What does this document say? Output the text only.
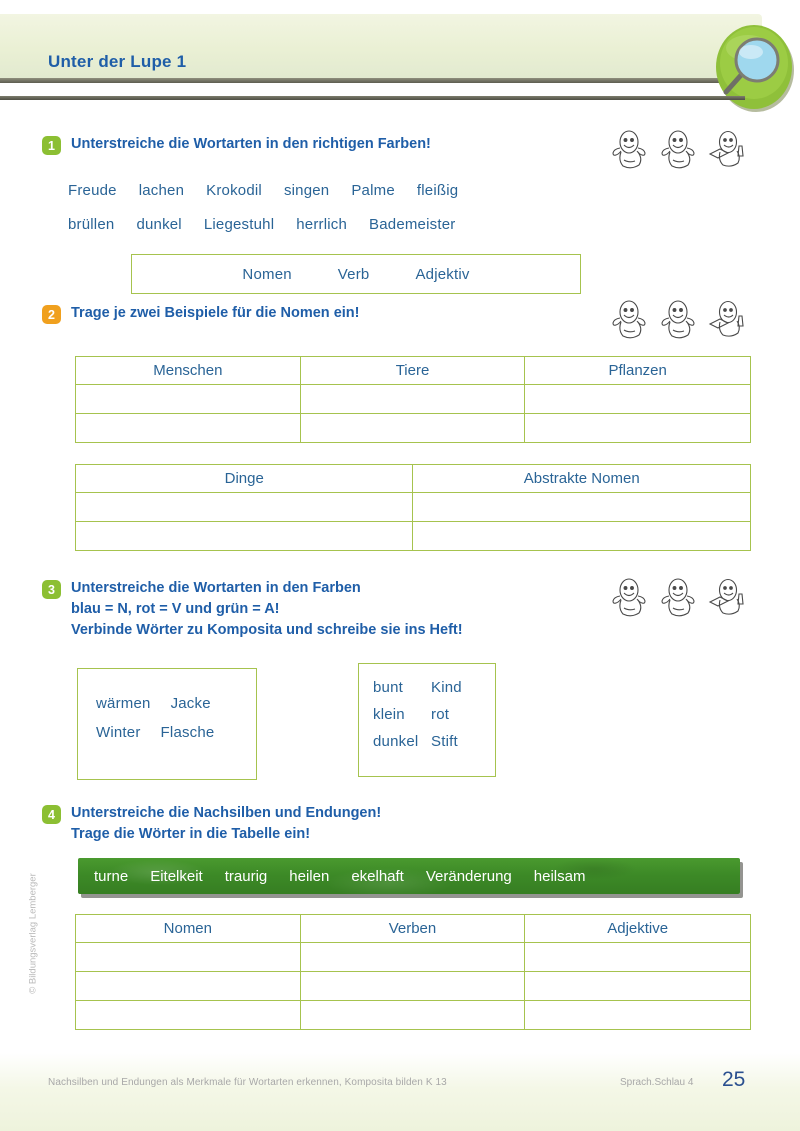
Unter der Lupe 1
© Bildungsverlag Lemberger
1	Unterstreiche die Wortarten in den richtigen Farben!
Freude lachen Krokodil singen Palme fleißig
brüllen dunkel Liegestuhl herrlich Bademeister
Nomen	Verb	Adjektiv
2	Trage je zwei Beispiele für die Nomen ein!
Menschen	Tiere	Pflanzen

Dinge	Abstrakte Nomen

3	Unterstreiche die Wortarten in den Farben
blau = N, rot = V und grün = A!
Verbinde Wörter zu Komposita und schreibe sie ins Heft!
wärmen Jacke
Winter Flasche
bunt	Kind
klein	rot
dunkel Stift
4	Unterstreiche die Nachsilben und Endungen!
Trage die Wörter in die Tabelle ein!
turne Eitelkeit traurig heilen ekelhaft Veränderung heilsam
Nomen	Verben	Adjektive

Nachsilben und Endungen als Merkmale für Wortarten erkennen, Komposita bilden K 13	Sprach.Schlau 4 25
